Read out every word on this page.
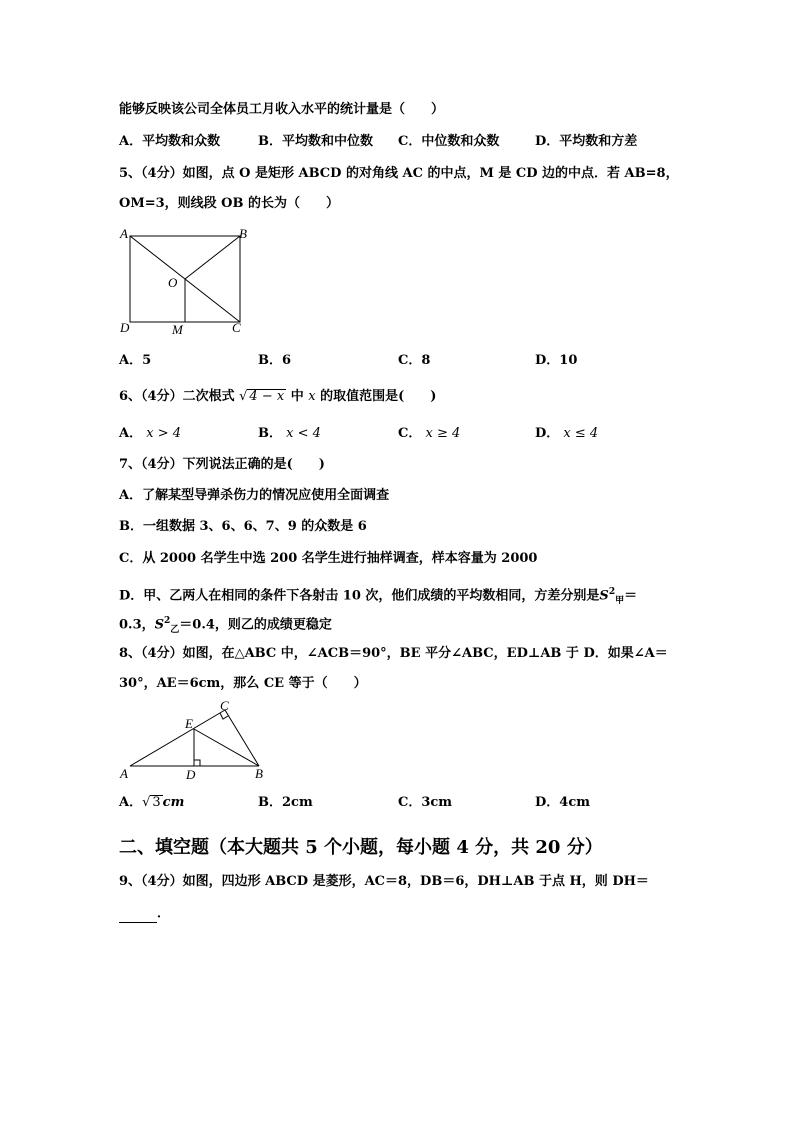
能够反映该公司全体员工月收入水平的统计量是（　　）
A．平均数和众数	B．平均数和中位数 C．中位数和众数	D．平均数和方差
5、（4分）如图，点 O 是矩形 ABCD 的对角线 AC 的中点，M 是 CD 边的中点．若 AB=8，
OM=3，则线段 OB 的长为（　　）
A	B
C
D
O
M
A．5	B．6	C．8	D．10
6、（4分）二次根式 √ 4 − x 中 x 的取值范围是(　　)
A． x > 4	B． x < 4	C． x ≥ 4	D． x ≤ 4
7、（4分）下列说法正确的是(　　)
A．了解某型导弹杀伤力的情况应使用全面调查
B．一组数据 3、6、6、7、9 的众数是 6
C．从 2000 名学生中选 200 名学生进行抽样调查，样本容量为 2000
D．甲、乙两人在相同的条件下各射击 10 次，他们成绩的平均数相同，方差分别是$S^2_甲=$
0.3，$S^2_乙=0.4$，则乙的成绩更稳定
8、（4分）如图，在△ABC 中，∠ACB＝90°，BE 平分∠ABC，ED⊥AB 于 D．如果∠A＝
30°，AE＝6cm，那么 CE 等于（　　）
A	B
C
D
E
A．√ 3 cm	B．2cm	C．3cm	D．4cm
二、填空题（本大题共 5 个小题，每小题 4 分，共 20 分）
9、（4分）如图，四边形 ABCD 是菱形，AC＝8，DB＝6，DH⊥AB 于点 H，则 DH＝
．
